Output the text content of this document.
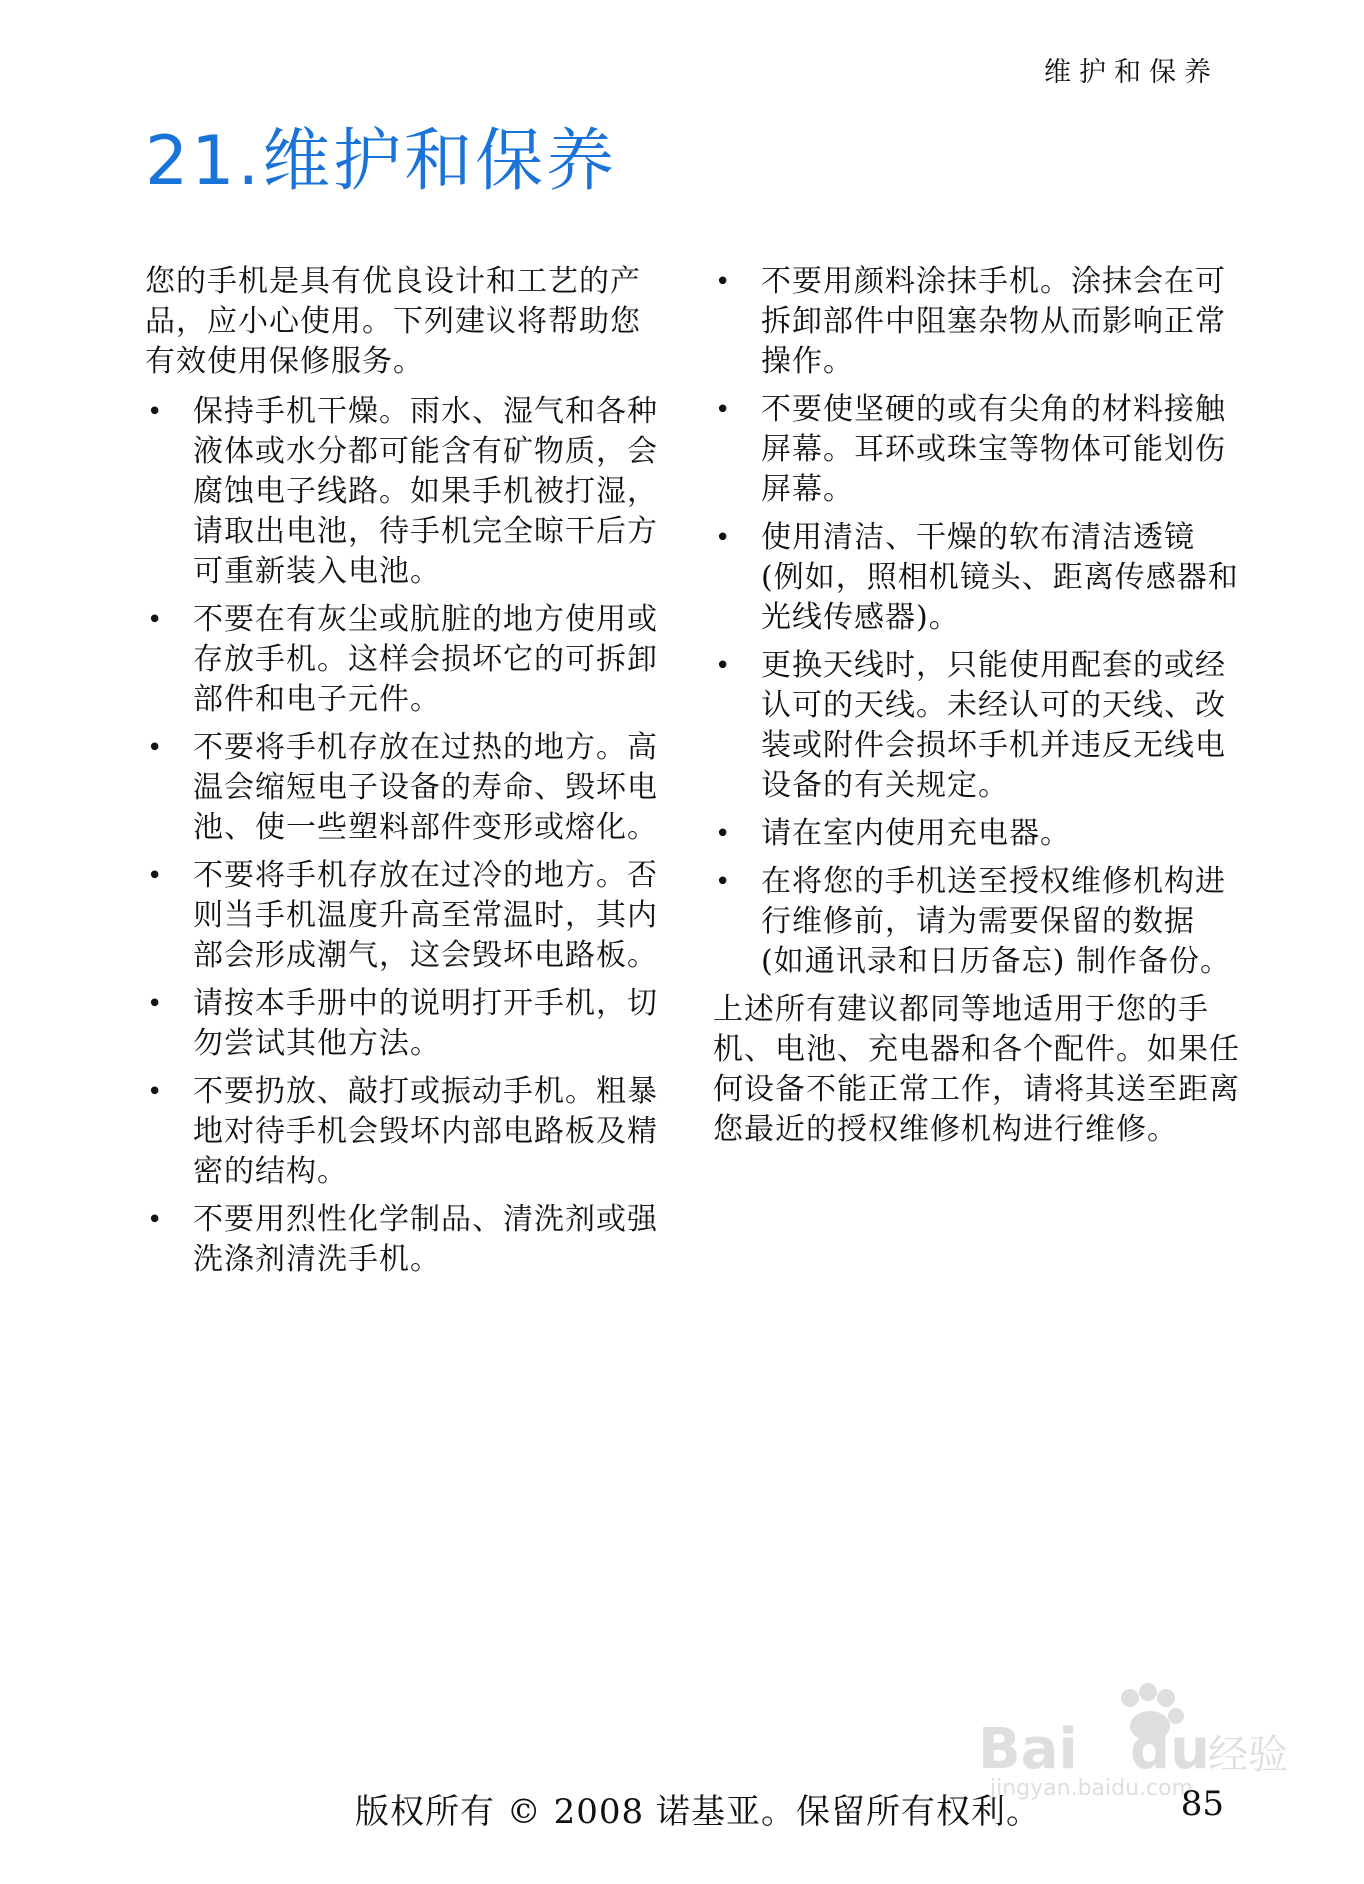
维护和保养
21.维护和保养

您的手机是具有优良设计和工艺的产品，应小心使用。下列建议将帮助您有效使用保修服务。

• 保持手机干燥。雨水、湿气和各种液体或水分都可能含有矿物质，会腐蚀电子线路。如果手机被打湿，请取出电池，待手机完全晾干后方可重新装入电池。
• 不要在有灰尘或肮脏的地方使用或存放手机。这样会损坏它的可拆卸部件和电子元件。
• 不要将手机存放在过热的地方。高温会缩短电子设备的寿命、毁坏电池、使一些塑料部件变形或熔化。
• 不要将手机存放在过冷的地方。否则当手机温度升高至常温时，其内部会形成潮气，这会毁坏电路板。
• 请按本手册中的说明打开手机，切勿尝试其他方法。
• 不要扔放、敲打或振动手机。粗暴地对待手机会毁坏内部电路板及精密的结构。
• 不要用烈性化学制品、清洗剂或强洗涤剂清洗手机。
• 不要用颜料涂抹手机。涂抹会在可拆卸部件中阻塞杂物从而影响正常操作。
• 不要使坚硬的或有尖角的材料接触屏幕。耳环或珠宝等物体可能划伤屏幕。
• 使用清洁、干燥的软布清洁透镜 (例如，照相机镜头、距离传感器和光线传感器)。
• 更换天线时，只能使用配套的或经认可的天线。未经认可的天线、改装或附件会损坏手机并违反无线电设备的有关规定。
• 请在室内使用充电器。
• 在将您的手机送至授权维修机构进行维修前，请为需要保留的数据 (如通讯录和日历备忘) 制作备份。

上述所有建议都同等地适用于您的手机、电池、充电器和各个配件。如果任何设备不能正常工作，请将其送至距离您最近的授权维修机构进行维修。

版权所有 © 2008 诺基亚。保留所有权利。	85
Bai du
经验
jingyan.baidu.com
